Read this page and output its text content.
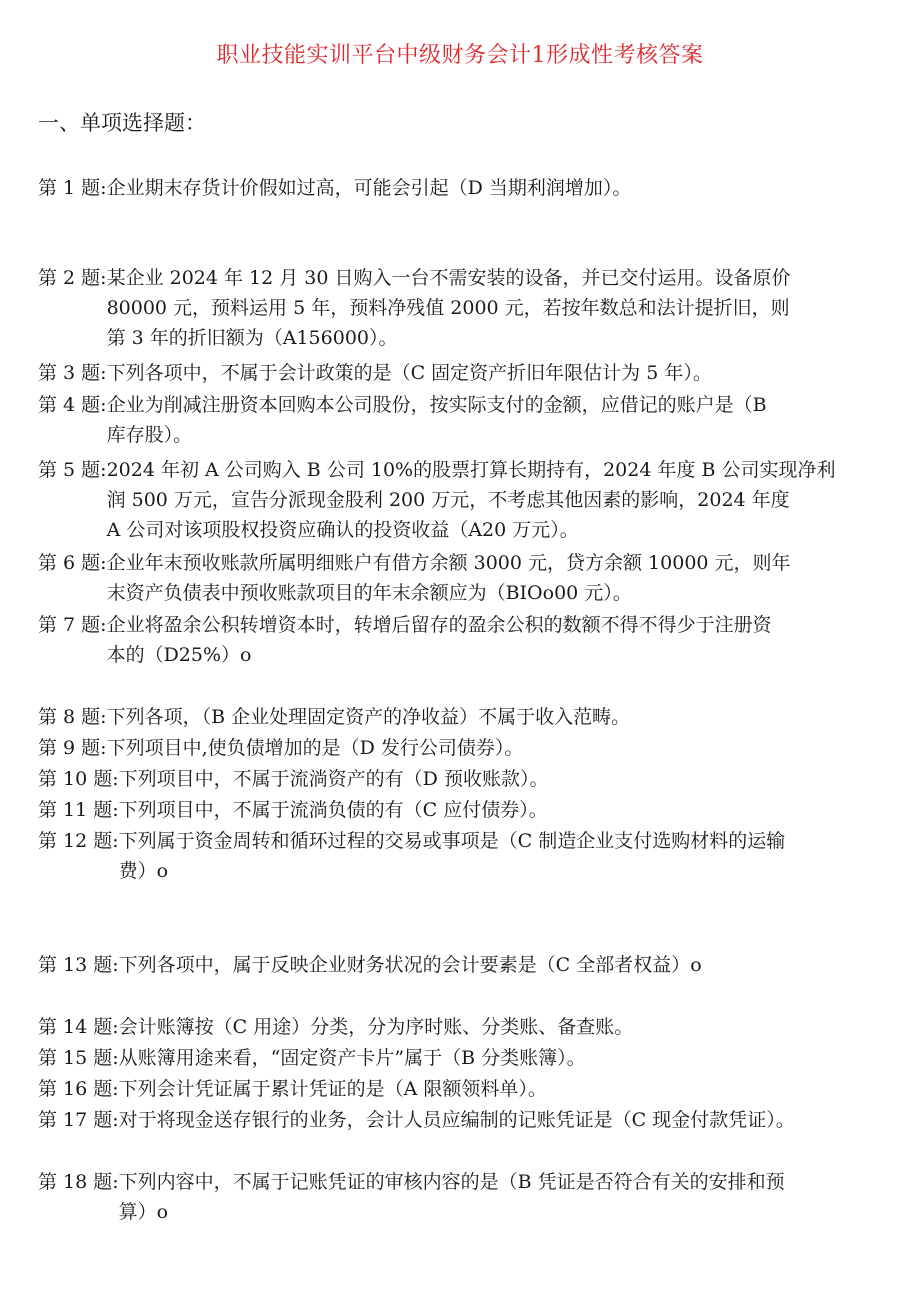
职业技能实训平台中级财务会计1形成性考核答案
一、单项选择题：
第 1 题: 企业期末存货计价假如过高，可能会引起（D 当期利润增加）。
第 2 题: 某企业 2024 年 12 月 30 日购入一台不需安装的设备，并已交付运用。设备原价
80000 元，预料运用 5 年，预料净残值 2000 元，若按年数总和法计提折旧，则
第 3 年的折旧额为（A156000）。
第 3 题: 下列各项中，不属于会计政策的是（C 固定资产折旧年限估计为 5 年）。
第 4 题: 企业为削减注册资本回购本公司股份，按实际支付的金额，应借记的账户是（B
库存股）。
第 5 题: 2024 年初 A 公司购入 B 公司 10%的股票打算长期持有，2024 年度 B 公司实现净利
润 500 万元，宣告分派现金股利 200 万元，不考虑其他因素的影响，2024 年度
A 公司对该项股权投资应确认的投资收益（A20 万元）。
第 6 题: 企业年末预收账款所属明细账户有借方余额 3000 元，贷方余额 10000 元，则年
末资产负债表中预收账款项目的年末余额应为（BIOo00 元）。
第 7 题: 企业将盈余公积转增资本时，转增后留存的盈余公积的数额不得不得少于注册资
本的（D25%）o
第 8 题: 下列各项，（B 企业处理固定资产的净收益）不属于收入范畴。
第 9 题: 下列项目中,使负债增加的是（D 发行公司债券）。
第 10 题: 下列项目中，不属于流淌资产的有（D 预收账款）。
第 11 题: 下列项目中，不属于流淌负债的有（C 应付债券）。
第 12 题: 下列属于资金周转和循环过程的交易或事项是（C 制造企业支付选购材料的运输
费）o
第 13 题: 下列各项中，属于反映企业财务状况的会计要素是（C 全部者权益）o
第 14 题: 会计账簿按（C 用途）分类，分为序时账、分类账、备查账。
第 15 题: 从账簿用途来看，“固定资产卡片”属于（B 分类账簿）。
第 16 题: 下列会计凭证属于累计凭证的是（A 限额领料单）。
第 17 题: 对于将现金送存银行的业务，会计人员应编制的记账凭证是（C 现金付款凭证）。
第 18 题: 下列内容中，不属于记账凭证的审核内容的是（B 凭证是否符合有关的安排和预
算）o
